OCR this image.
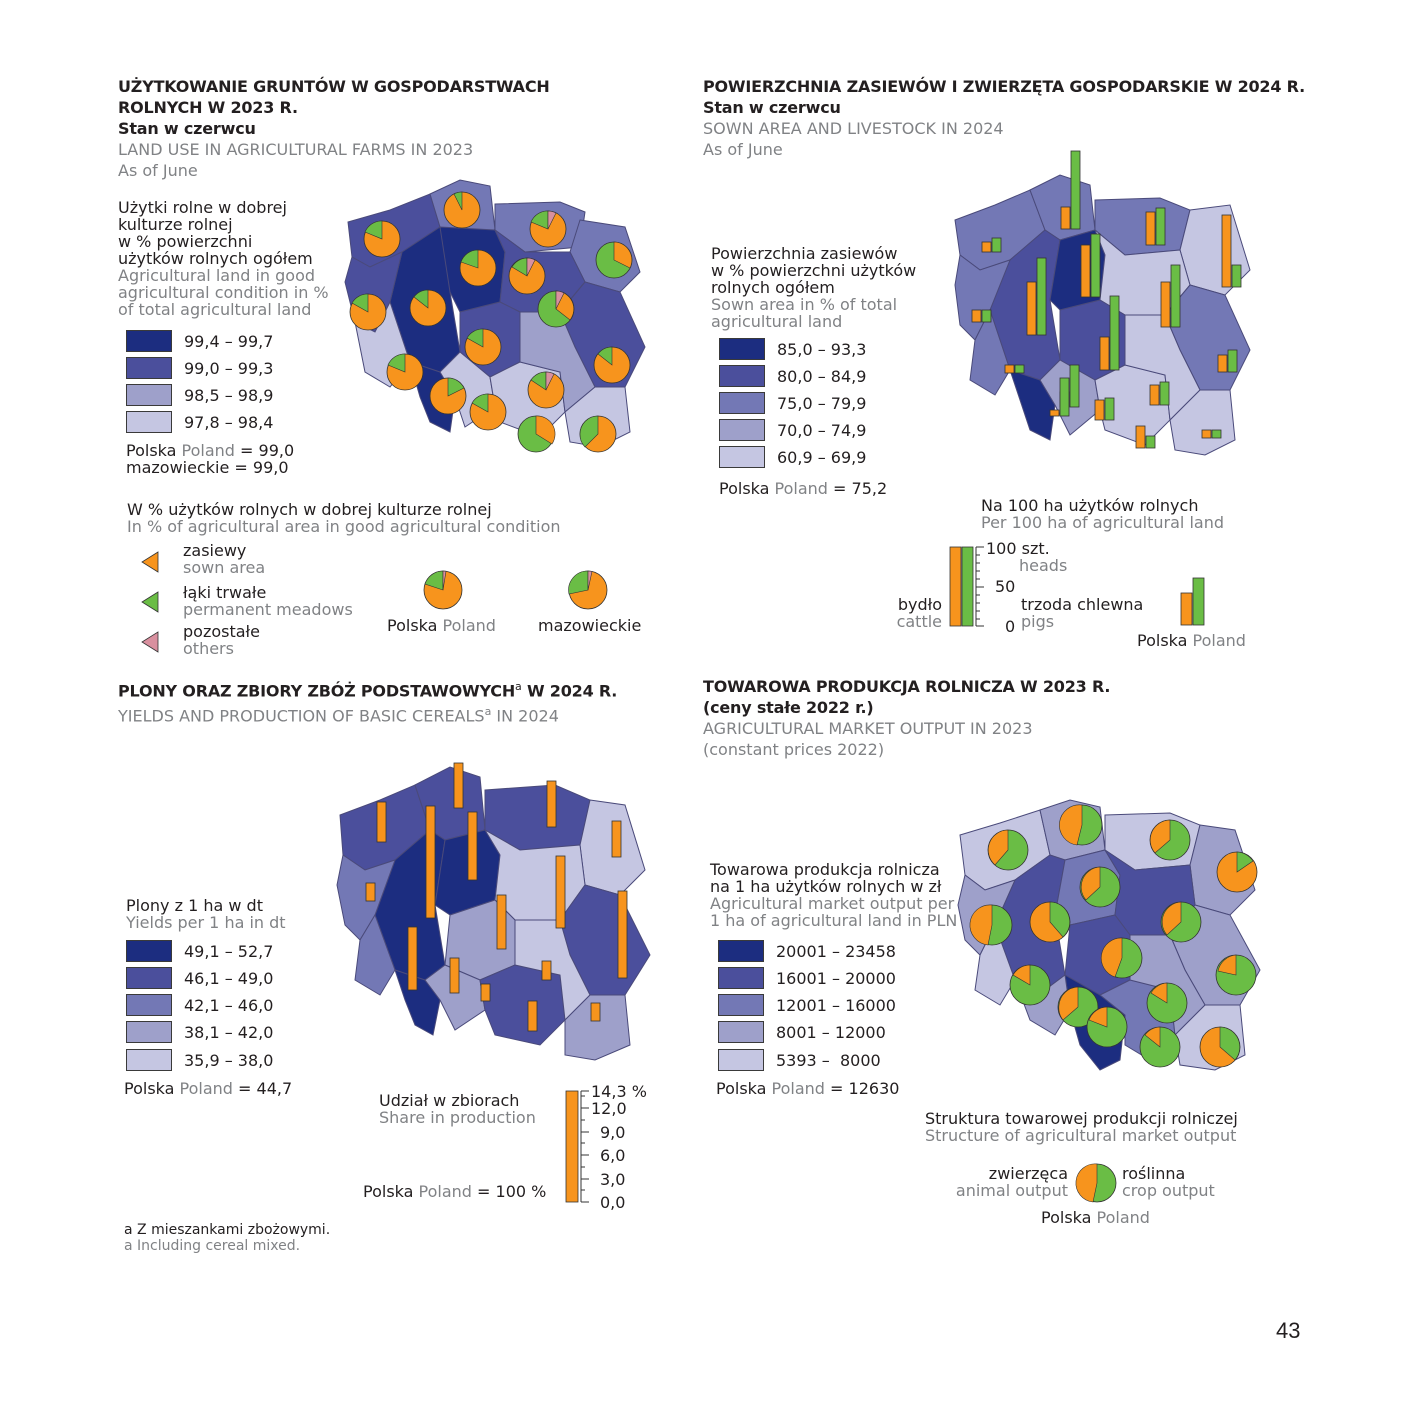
UŻYTKOWANIE GRUNTÓW W GOSPODARSTWACH
ROLNYCH W 2023 R.
Stan w czerwcu
LAND USE IN AGRICULTURAL FARMS IN 2023
As of June
Użytki rolne w dobrej
kulturze rolnej
w % powierzchni
użytków rolnych ogółem
Agricultural land in good
agricultural condition in %
of total agricultural land
99,4 – 99,7
99,0 – 99,3
98,5 – 98,9
97,8 – 98,4
Polska Poland = 99,0
mazowieckie = 99,0
W % użytków rolnych w dobrej kulturze rolnej
In % of agricultural area in good agricultural condition
zasiewy
sown area
łąki trwałe
permanent meadows
pozostałe
others
Polska Poland	mazowieckie
POWIERZCHNIA ZASIEWÓW I ZWIERZĘTA GOSPODARSKIE W 2024 R.
Stan w czerwcu
SOWN AREA AND LIVESTOCK IN 2024
As of June
Powierzchnia zasiewów
w % powierzchni użytków
rolnych ogółem
Sown area in % of total
agricultural land
85,0 – 93,3
80,0 – 84,9
75,0 – 79,9
70,0 – 74,9
60,9 – 69,9
Polska Poland = 75,2
Na 100 ha użytków rolnych
Per 100 ha of agricultural land
100 szt.
heads
50
0
bydło
cattle
trzoda chlewna
pigs
Polska Poland
PLONY ORAZ ZBIORY ZBÓŻ PODSTAWOWYCH$^a$ W 2024 R.
YIELDS AND PRODUCTION OF BASIC CEREALS$^a$ IN 2024
Plony z 1 ha w dt
Yields per 1 ha in dt
49,1 – 52,7
46,1 – 49,0
42,1 – 46,0
38,1 – 42,0
35,9 – 38,0
Polska Poland = 44,7
Udział w zbiorach
Share in production
Polska Poland = 100 %
14,3 %
12,0
9,0
6,0
3,0
0,0
a Z mieszankami zbożowymi.
a Including cereal mixed.
TOWAROWA PRODUKCJA ROLNICZA W 2023 R.
(ceny stałe 2022 r.)
AGRICULTURAL MARKET OUTPUT IN 2023
(constant prices 2022)
Towarowa produkcja rolnicza
na 1 ha użytków rolnych w zł
Agricultural market output per
1 ha of agricultural land in PLN
20001 – 23458
16001 – 20000
12001 – 16000
8001 – 12000
5393 –  8000
Polska Poland = 12630
Struktura towarowej produkcji rolniczej
Structure of agricultural market output
zwierzęca
animal output
roślinna
crop output
Polska Poland
43
